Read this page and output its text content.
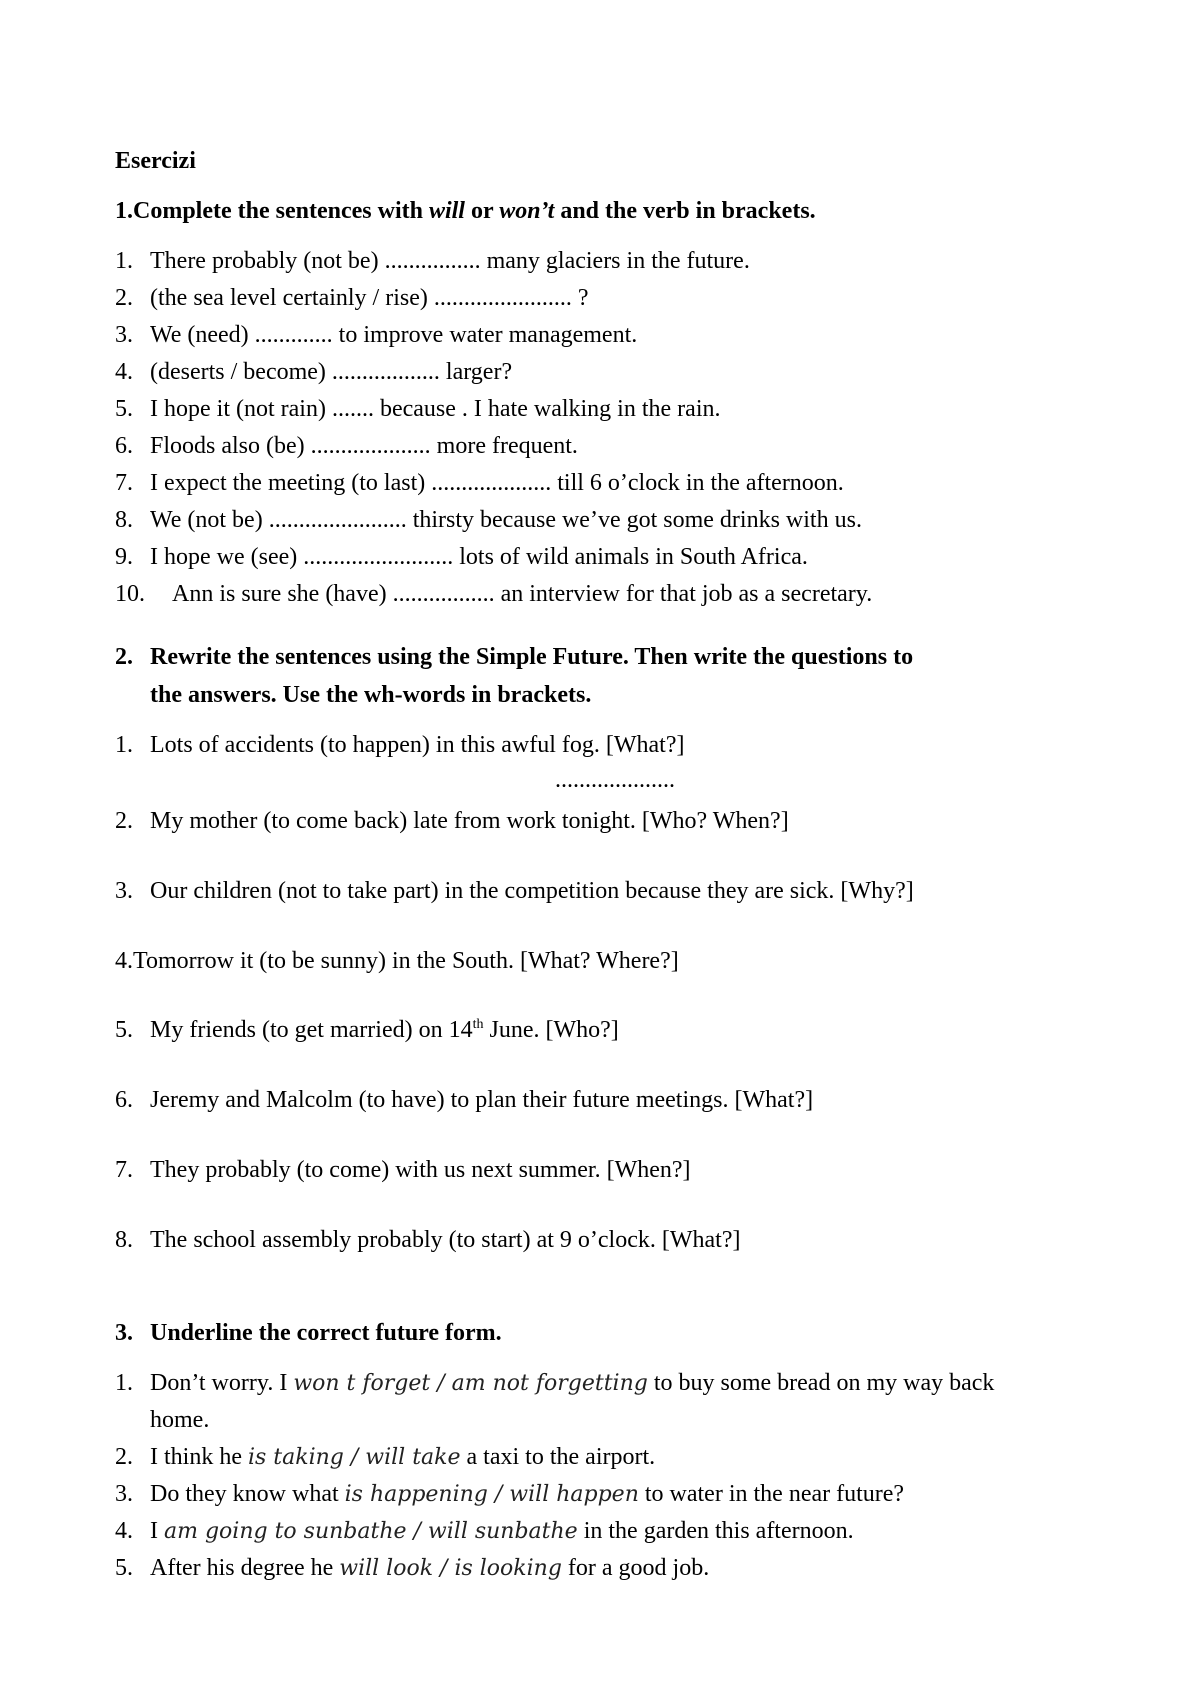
Esercizi
1.Complete the sentences with will or won’t and the verb in brackets.
1. There probably (not be) ................ many glaciers in the future.
2. (the sea level certainly / rise) ....................... ?
3. We (need) ............. to improve water management.
4. (deserts / become) .................. larger?
5. I hope it (not rain) ....... because . I hate walking in the rain.
6. Floods also (be) .................... more frequent.
7. I expect the meeting (to last) .................... till 6 o’clock in the afternoon.
8. We (not be) ....................... thirsty because we’ve got some drinks with us.
9. I hope we (see) ......................... lots of wild animals in South Africa.
10. Ann is sure she (have) ................. an interview for that job as a secretary.
2. Rewrite the sentences using the Simple Future. Then write the questions to
the answers. Use the wh-words in brackets.
1. Lots of accidents (to happen) in this awful fog. [What?]
....................
2. My mother (to come back) late from work tonight. [Who? When?]
3. Our children (not to take part) in the competition because they are sick. [Why?]
4.Tomorrow it (to be sunny) in the South. [What? Where?]
5. My friends (to get married) on 14th June. [Who?]
6. Jeremy and Malcolm (to have) to plan their future meetings. [What?]
7. They probably (to come) with us next summer. [When?]
8. The school assembly probably (to start) at 9 o’clock. [What?]
3. Underline the correct future form.
1. Don’t worry. I won t forget / am not forgetting to buy some bread on my way back
home.
2. I think he is taking / will take a taxi to the airport.
3. Do they know what is happening / will happen to water in the near future?
4. I am going to sunbathe / will sunbathe in the garden this afternoon.
5. After his degree he will look / is looking for a good job.
